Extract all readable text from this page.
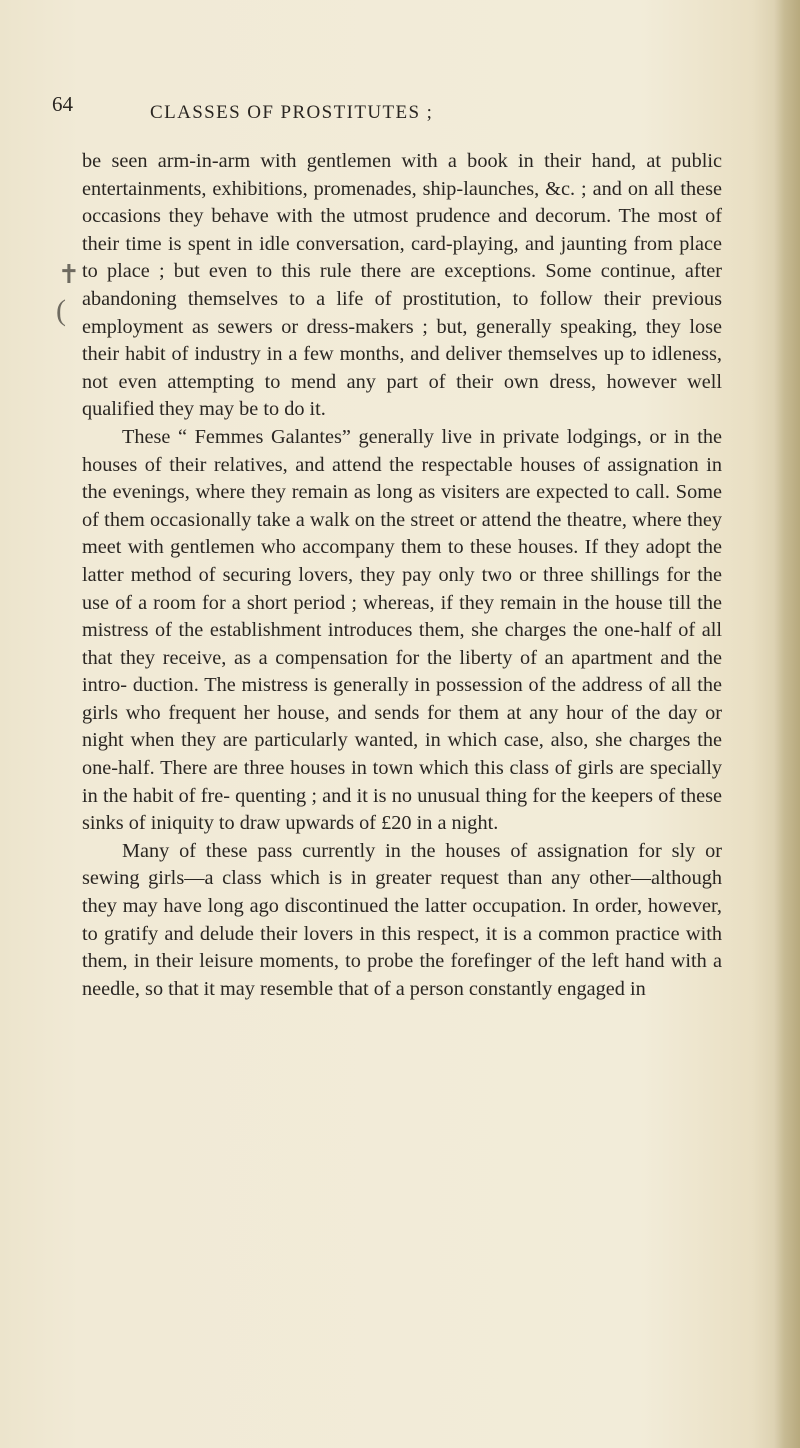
64	CLASSES OF PROSTITUTES ;
✝
(

be seen arm-in-arm with gentlemen with a book in their hand, at public entertainments, exhibitions, promenades, ship-launches, &c. ; and on all these occasions they behave with the utmost prudence and decorum. The most of their time is spent in idle conversation, card-playing, and jaunting from place to place ; but even to this rule there are exceptions. Some continue, after abandoning themselves to a life of prostitution, to follow their previous employment as sewers or dress-makers ; but, generally speaking, they lose their habit of industry in a few months, and deliver themselves up to idleness, not even attempting to mend any part of their own dress, however well qualified they may be to do it.

These “ Femmes Galantes” generally live in private lodgings, or in the houses of their relatives, and attend the respectable houses of assignation in the evenings, where they remain as long as visiters are expected to call. Some of them occasionally take a walk on the street or attend the theatre, where they meet with gentlemen who accompany them to these houses. If they adopt the latter method of securing lovers, they pay only two or three shillings for the use of a room for a short period ; whereas, if they remain in the house till the mistress of the establishment introduces them, she charges the one-half of all that they receive, as a compensation for the liberty of an apartment and the intro- duction. The mistress is generally in possession of the address of all the girls who frequent her house, and sends for them at any hour of the day or night when they are particularly wanted, in which case, also, she charges the one-half. There are three houses in town which this class of girls are specially in the habit of fre- quenting ; and it is no unusual thing for the keepers of these sinks of iniquity to draw upwards of £20 in a night.

Many of these pass currently in the houses of assignation for sly or sewing girls—a class which is in greater request than any other—although they may have long ago discontinued the latter occupation. In order, however, to gratify and delude their lovers in this respect, it is a common practice with them, in their leisure moments, to probe the forefinger of the left hand with a needle, so that it may resemble that of a person constantly engaged in
